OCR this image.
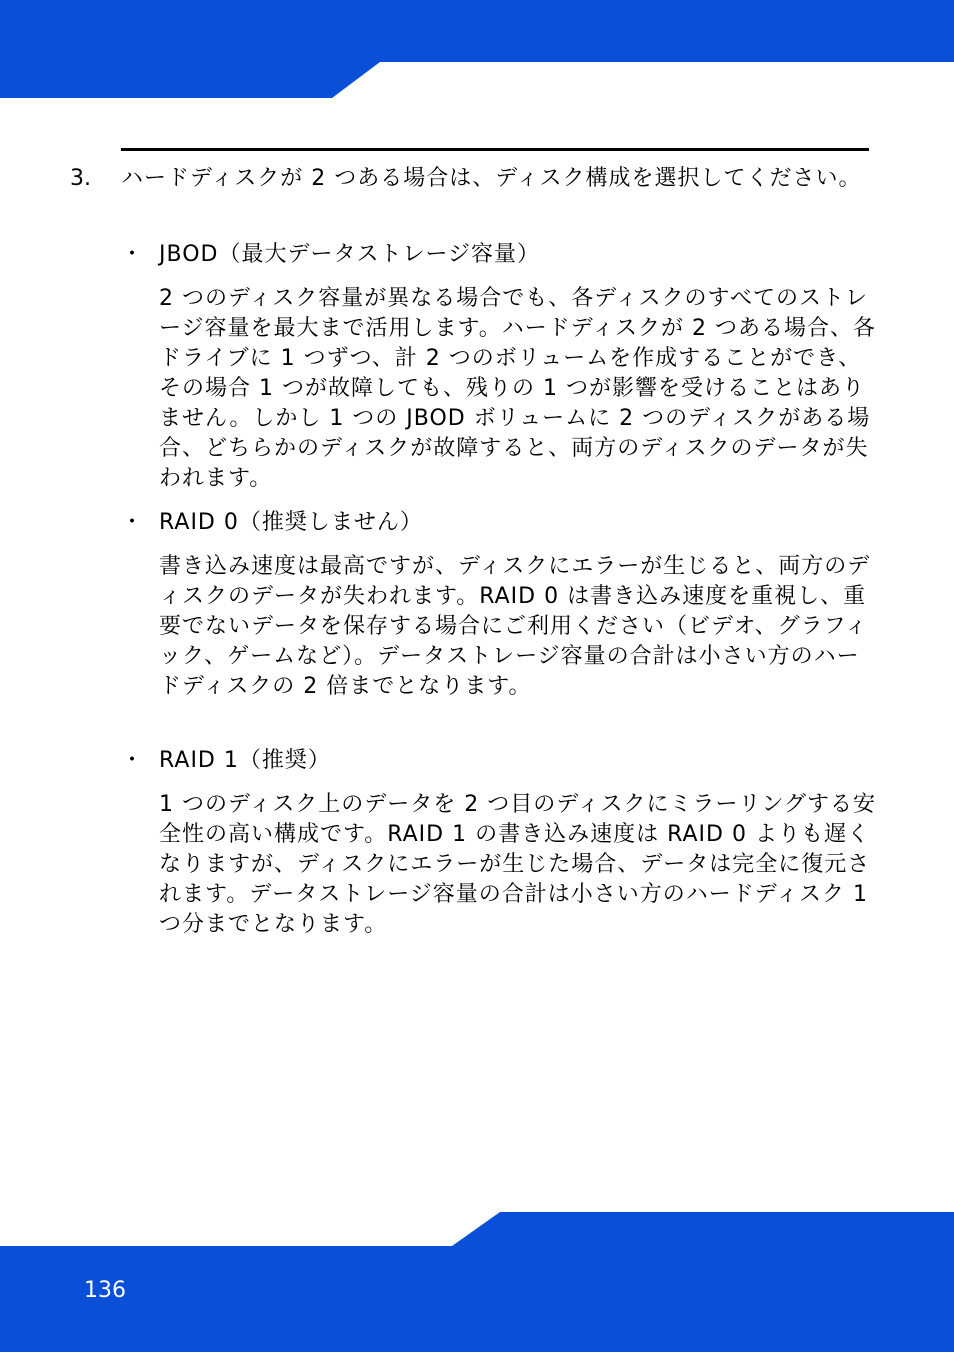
3. ハードディスクが 2 つある場合は、ディスク構成を選択してください。
・ JBOD（最大データストレージ容量）
2 つのディスク容量が異なる場合でも、各ディスクのすべてのストレージ容量を最大まで活用します。ハードディスクが 2 つある場合、各ドライブに 1 つずつ、計 2 つのボリュームを作成することができ、その場合 1 つが故障しても、残りの 1 つが影響を受けることはありません。しかし 1 つの JBOD ボリュームに 2 つのディスクがある場合、どちらかのディスクが故障すると、両方のディスクのデータが失われます。
・ RAID 0（推奨しません）
書き込み速度は最高ですが、ディスクにエラーが生じると、両方のディスクのデータが失われます。RAID 0 は書き込み速度を重視し、重要でないデータを保存する場合にご利用ください（ビデオ、グラフィック、ゲームなど）。データストレージ容量の合計は小さい方のハードディスクの 2 倍までとなります。
・ RAID 1（推奨）
1 つのディスク上のデータを 2 つ目のディスクにミラーリングする安全性の高い構成です。RAID 1 の書き込み速度は RAID 0 よりも遅くなりますが、ディスクにエラーが生じた場合、データは完全に復元されます。データストレージ容量の合計は小さい方のハードディスク 1 つ分までとなります。
136
